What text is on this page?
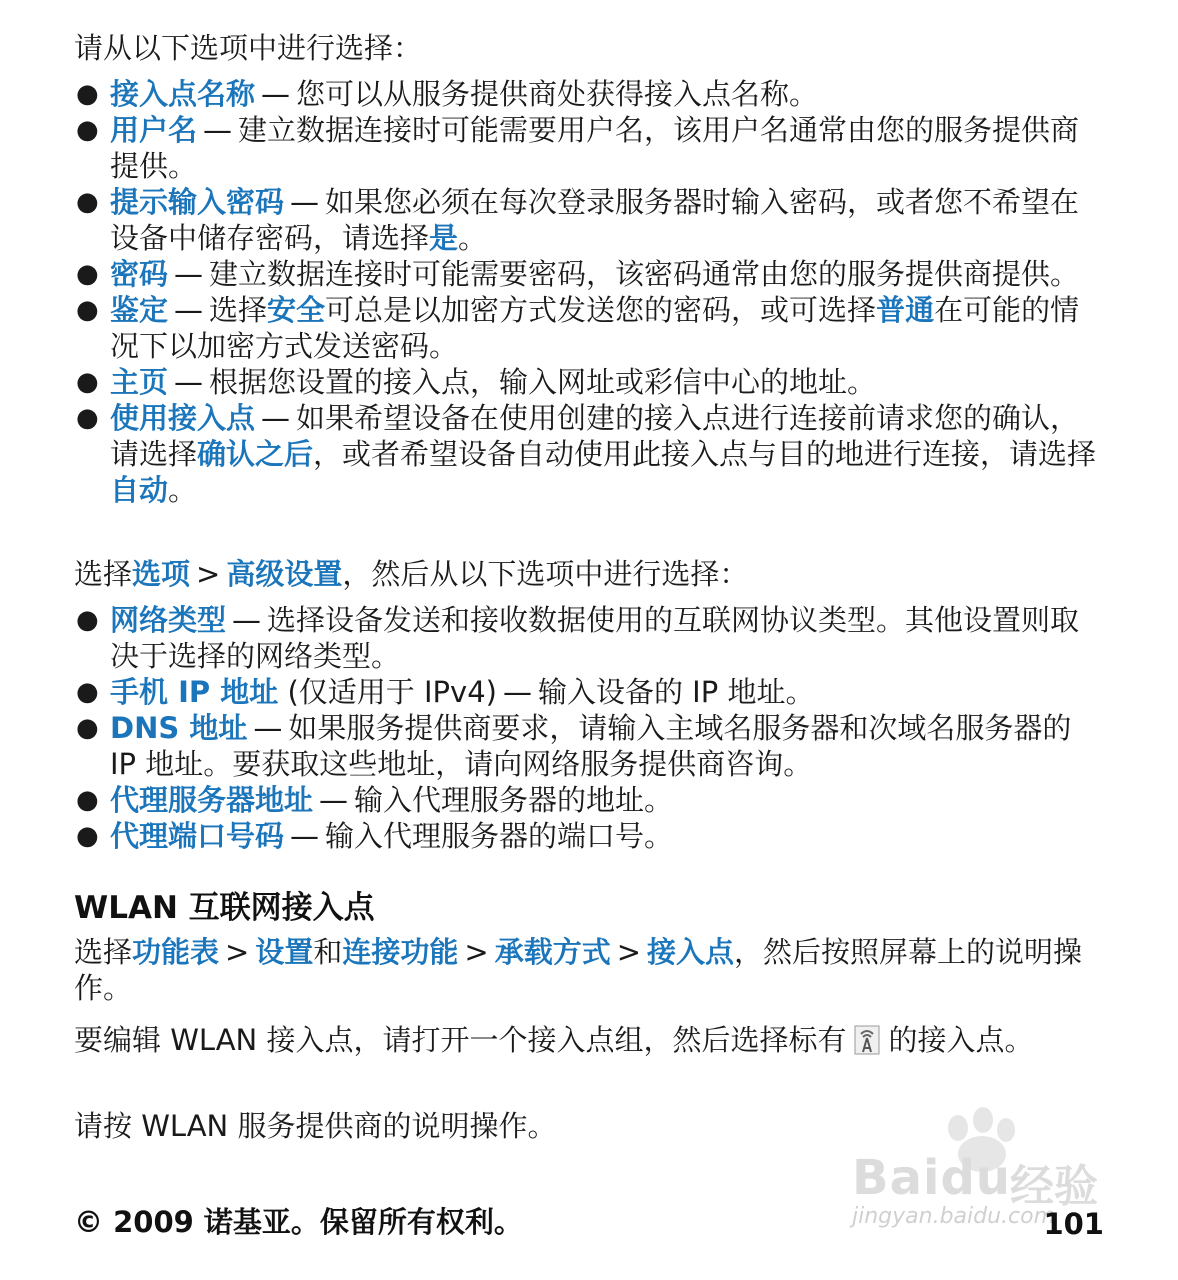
请从以下选项中进行选择：
● 接入点名称 — 您可以从服务提供商处获得接入点名称。
● 用户名 — 建立数据连接时可能需要用户名，该用户名通常由您的服务提供商提供。
● 提示输入密码 — 如果您必须在每次登录服务器时输入密码，或者您不希望在设备中储存密码，请选择是。
● 密码 — 建立数据连接时可能需要密码，该密码通常由您的服务提供商提供。
● 鉴定 — 选择安全可总是以加密方式发送您的密码，或可选择普通在可能的情况下以加密方式发送密码。
● 主页 — 根据您设置的接入点，输入网址或彩信中心的地址。
● 使用接入点 — 如果希望设备在使用创建的接入点进行连接前请求您的确认，请选择确认之后，或者希望设备自动使用此接入点与目的地进行连接，请选择自动。
选择选项 > 高级设置，然后从以下选项中进行选择：
● 网络类型 — 选择设备发送和接收数据使用的互联网协议类型。其他设置则取决于选择的网络类型。
● 手机 IP 地址 (仅适用于 IPv4) — 输入设备的 IP 地址。
● DNS 地址 — 如果服务提供商要求，请输入主域名服务器和次域名服务器的 IP 地址。要获取这些地址，请向网络服务提供商咨询。
● 代理服务器地址 — 输入代理服务器的地址。
● 代理端口号码 — 输入代理服务器的端口号。
WLAN 互联网接入点
选择功能表 > 设置和连接功能 > 承载方式 > 接入点，然后按照屏幕上的说明操作。
要编辑 WLAN 接入点，请打开一个接入点组，然后选择标有 的接入点。
请按 WLAN 服务提供商的说明操作。
Baidu 经验
jingyan.baidu.com
© 2009 诺基亚。保留所有权利。	101
